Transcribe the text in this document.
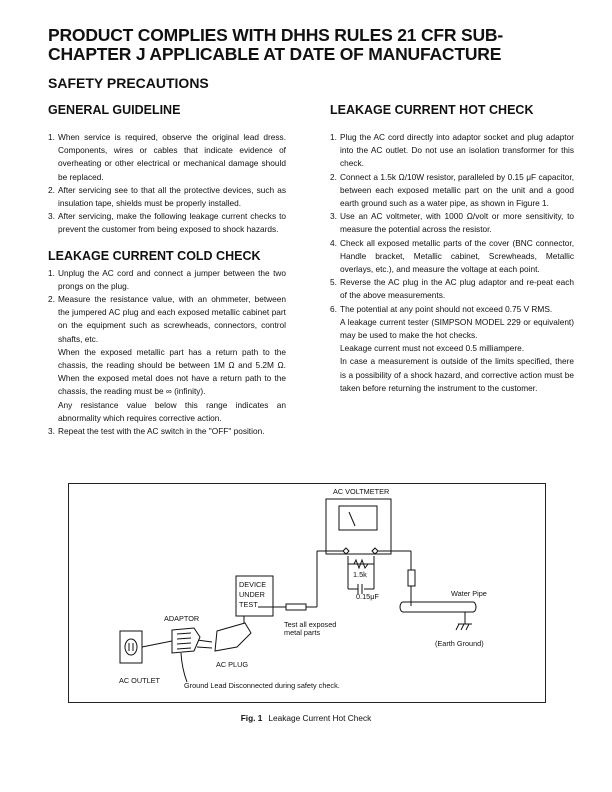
PRODUCT COMPLIES WITH DHHS RULES 21 CFR SUB-CHAPTER J APPLICABLE AT DATE OF MANUFACTURE
SAFETY PRECAUTIONS
GENERAL GUIDELINE
1. When service is required, observe the original lead dress. Components, wires or cables that indicate evidence of overheating or other electrical or mechanical damage should be replaced.
2. After servicing see to that all the protective devices, such as insulation tape, shields must be properly installed.
3. After servicing, make the following leakage current checks to prevent the customer from being exposed to shock hazards.
LEAKAGE CURRENT COLD CHECK
1. Unplug the AC cord and connect a jumper between the two prongs on the plug.
2. Measure the resistance value, with an ohmmeter, between the jumpered AC plug and each exposed metallic cabinet part on the equipment such as screwheads, connectors, control shafts, etc.
When the exposed metallic part has a return path to the chassis, the reading should be between 1M Ω and 5.2M Ω. When the exposed metal does not have a return path to the chassis, the reading must be ∞ (infinity).
Any resistance value below this range indicates an abnormality which requires corrective action.
3. Repeat the test with the AC switch in the "OFF" position.
LEAKAGE CURRENT HOT CHECK
1. Plug the AC cord directly into adaptor socket and plug adaptor into the AC outlet. Do not use an isolation transformer for this check.
2. Connect a 1.5k Ω/10W resistor, paralleled by 0.15 μF capacitor, between each exposed metallic part on the unit and a good earth ground such as a water pipe, as shown in Figure 1.
3. Use an AC voltmeter, with 1000 Ω/volt or more sensitivity, to measure the potential across the resistor.
4. Check all exposed metallic parts of the cover (BNC connector, Handle bracket, Metallic cabinet, Screwheads, Metallic overlays, etc.), and measure the voltage at each point.
5. Reverse the AC plug in the AC plug adaptor and re-peat each of the above measurements.
6. The potential at any point should not exceed 0.75 V RMS.
A leakage current tester (SIMPSON MODEL 229 or equivalent) may be used to make the hot checks.
Leakage current must not exceed 0.5 milliampere.
In case a measurement is outside of the limits specified, there is a possibility of a shock hazard, and corrective action must be taken before returning the instrument to the customer.
AC VOLTMETER
DEVICE
UNDER
TEST
1.5k
0.15μF	Water Pipe
(Earth Ground)
Test all exposed
metal parts
ADAPTOR
AC PLUG
AC OUTLET
Ground Lead Disconnected during safety check.
Fig. 1 Leakage Current Hot Check
